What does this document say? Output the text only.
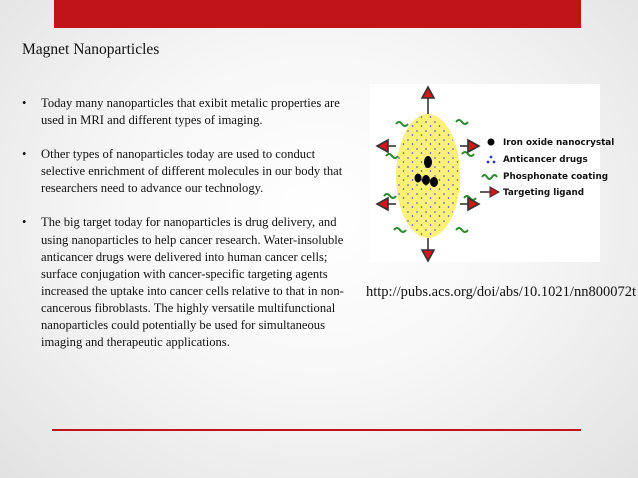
Magnet Nanoparticles
• Today many nanoparticles that exibit metalic properties are used in MRI and different types of imaging.
• Other types of nanoparticles today are used to conduct selective enrichment of different molecules in our body that researchers need to advance our technology.
• The big target today for nanoparticles is drug delivery, and using nanoparticles to help cancer research. Water-insoluble anticancer drugs were delivered into human cancer cells; surface conjugation with cancer-specific targeting agents increased the uptake into cancer cells relative to that in non-cancerous fibroblasts. The highly versatile multifunctional nanoparticles could potentially be used for simultaneous imaging and therapeutic applications.
Iron oxide nanocrystal
Anticancer drugs
Phosphonate coating
Targeting ligand
http://pubs.acs.org/doi/abs/10.1021/nn800072t
